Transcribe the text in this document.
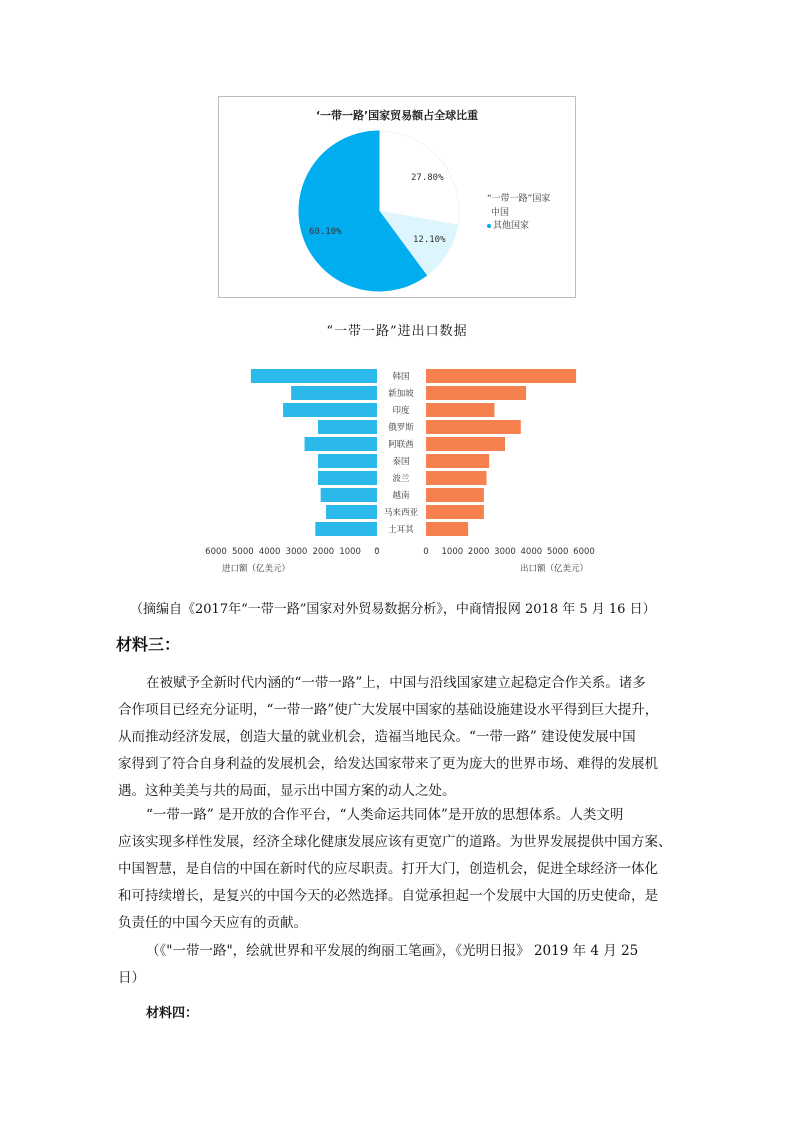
‘一带一路’国家贸易额占全球比重
27.80%
12.10%
60.10%
“一带一路”国家
中国
其他国家
“一带一路”进出口数据
韩国
新加坡
印度
俄罗斯
阿联酋
泰国
波兰
越南
马来西亚
土耳其
6000 5000 4000 3000 2000 1000	0	0	1000 2000 3000 4000 5000 6000
进口额（亿美元）	出口额（亿美元）
（摘编自《2017年“一带一路”国家对外贸易数据分析》，中商情报网 2018 年 5 月 16 日）
材料三：
在被赋予全新时代内涵的“一带一路”上，中国与沿线国家建立起稳定合作关系。诸多
合作项目已经充分证明，“一带一路”使广大发展中国家的基础设施建设水平得到巨大提升，
从而推动经济发展，创造大量的就业机会，造福当地民众。“一带一路” 建设使发展中国
家得到了符合自身利益的发展机会，给发达国家带来了更为庞大的世界市场、难得的发展机
遇。这种美美与共的局面，显示出中国方案的动人之处。
“一带一路” 是开放的合作平台，“人类命运共同体”是开放的思想体系。人类文明
应该实现多样性发展，经济全球化健康发展应该有更宽广的道路。为世界发展提供中国方案、
中国智慧，是自信的中国在新时代的应尽职责。打开大门，创造机会，促进全球经济一体化
和可持续增长，是复兴的中国今天的必然选择。自觉承担起一个发展中大国的历史使命，是
负责任的中国今天应有的贡献。
（《"一带一路"，绘就世界和平发展的绚丽工笔画》，《光明日报》 2019 年 4 月 25
日）
材料四：
